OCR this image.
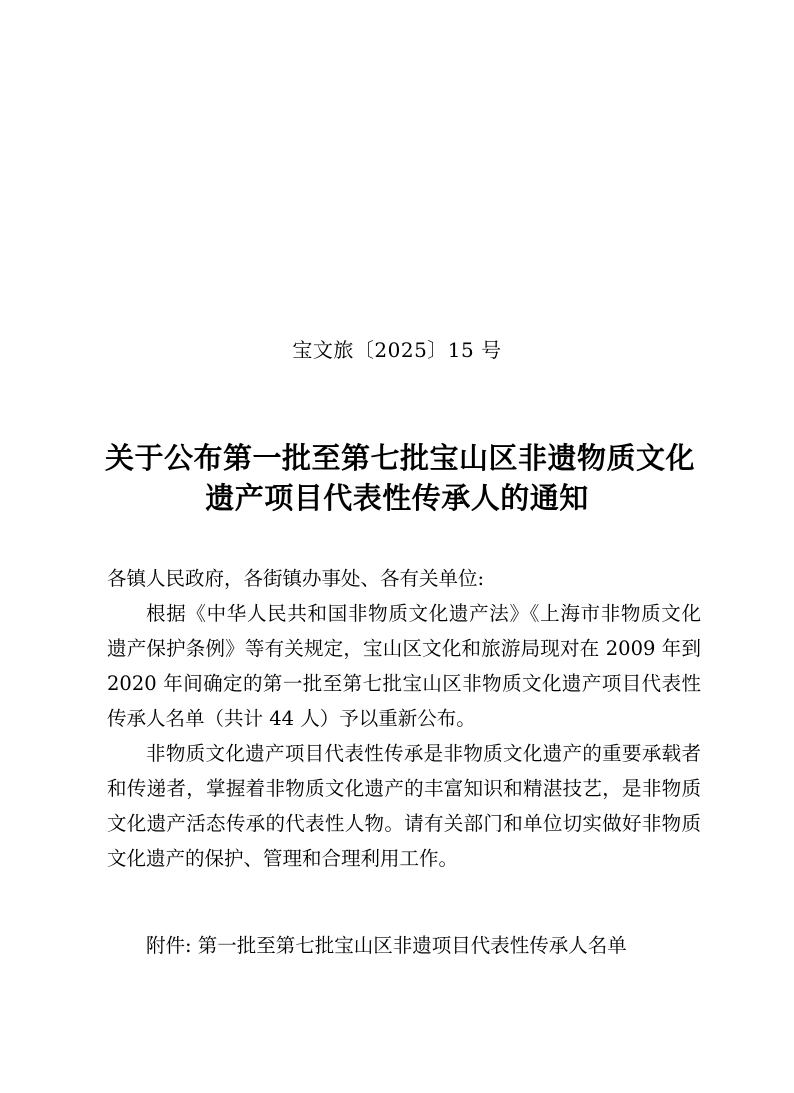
宝文旅〔2025〕15 号
关于公布第一批至第七批宝山区非遗物质文化
遗产项目代表性传承人的通知

各镇人民政府，各街镇办事处、各有关单位:

根据《中华人民共和国非物质文化遗产法》《上海市非物质文化遗产保护条例》等有关规定，宝山区文化和旅游局现对在 2009 年到 2020 年间确定的第一批至第七批宝山区非物质文化遗产项目代表性传承人名单（共计 44 人）予以重新公布。

非物质文化遗产项目代表性传承是非物质文化遗产的重要承载者和传递者，掌握着非物质文化遗产的丰富知识和精湛技艺，是非物质文化遗产活态传承的代表性人物。请有关部门和单位切实做好非物质文化遗产的保护、管理和合理利用工作。

附件: 第一批至第七批宝山区非遗项目代表性传承人名单
